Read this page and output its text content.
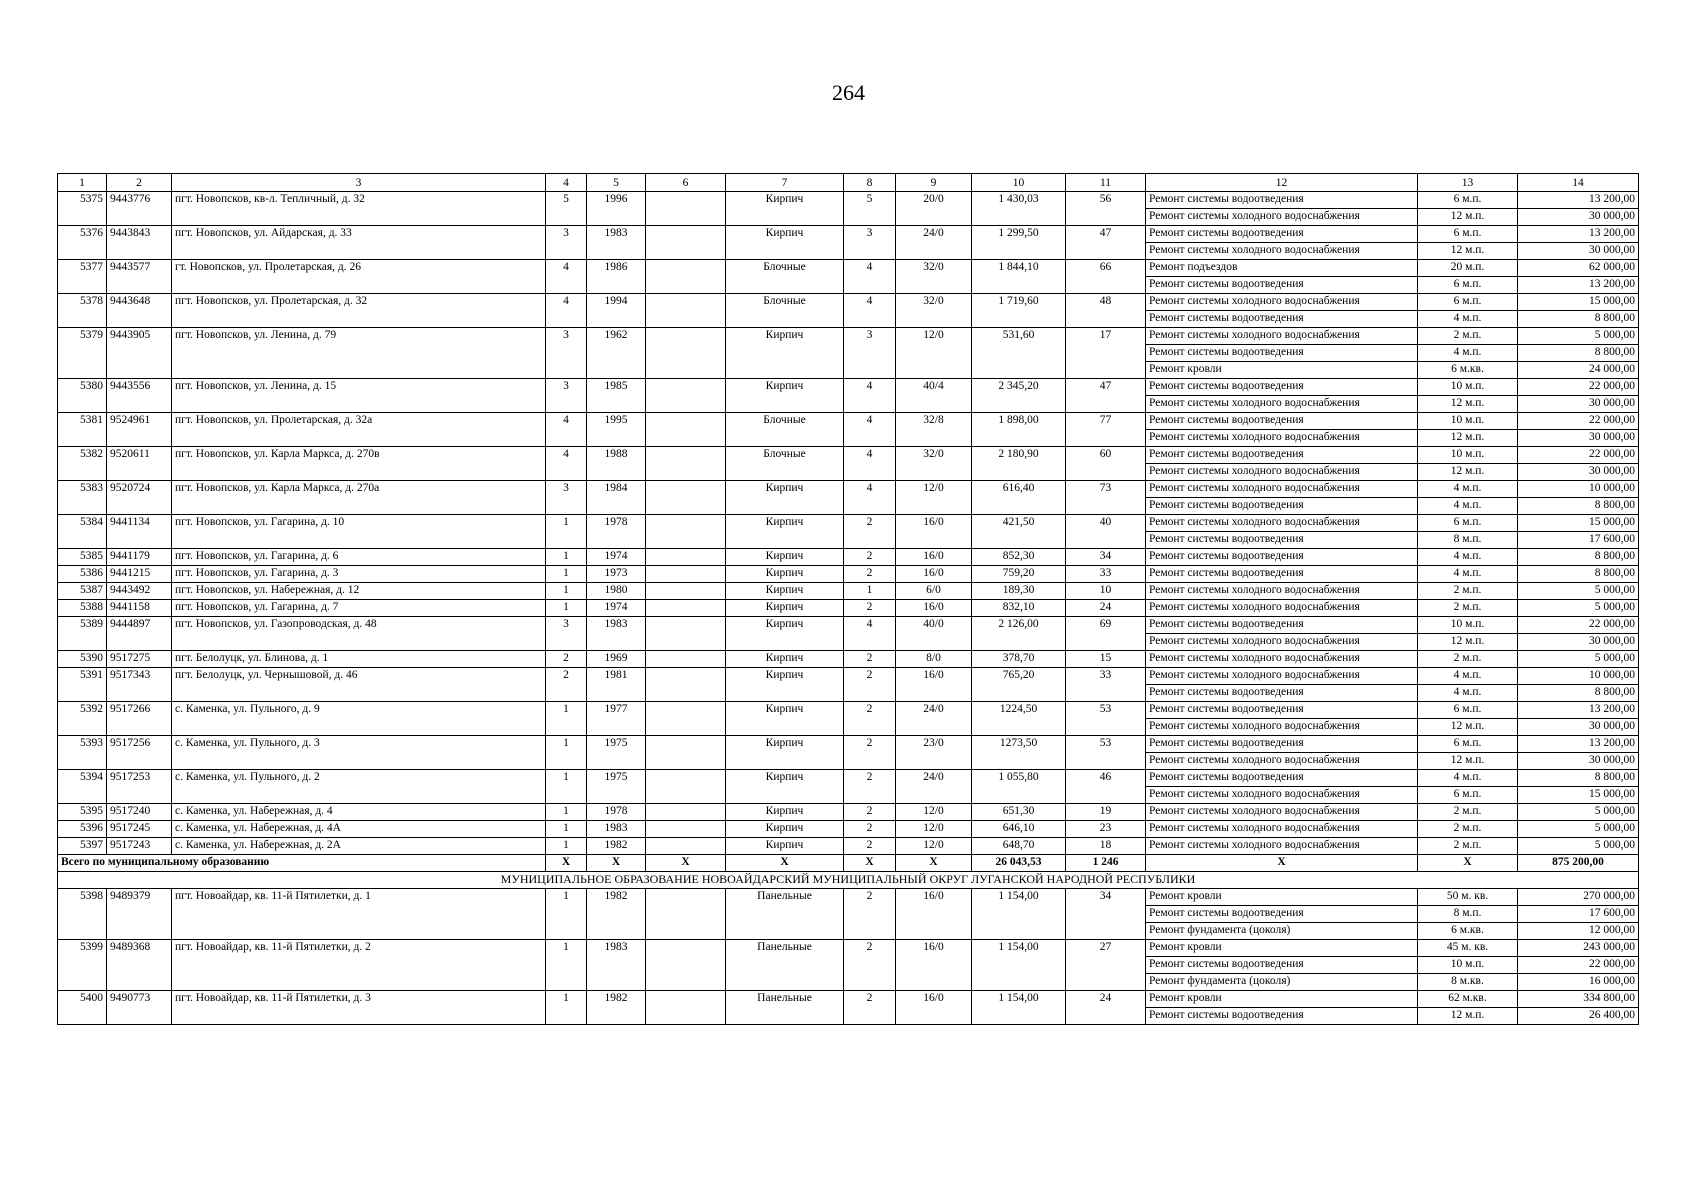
264
1	2	3	4	5	6	7	8	9	10	11	12	13	14
5375	9443776	пгт. Новопсков, кв-л. Тепличный, д. 32	5	1996		Кирпич	5	20/0	1 430,03	56	Ремонт системы водоотведения	6 м.п.	13 200,00
											Ремонт системы холодного водоснабжения	12 м.п.	30 000,00
5376	9443843	пгт. Новопсков, ул. Айдарская, д. 33	3	1983		Кирпич	3	24/0	1 299,50	47	Ремонт системы водоотведения	6 м.п.	13 200,00
											Ремонт системы холодного водоснабжения	12 м.п.	30 000,00
5377	9443577	гт. Новопсков, ул. Пролетарская, д. 26	4	1986		Блочные	4	32/0	1 844,10	66	Ремонт подъездов	20 м.п.	62 000,00
											Ремонт системы водоотведения	6 м.п.	13 200,00
5378	9443648	пгт. Новопсков, ул. Пролетарская, д. 32	4	1994		Блочные	4	32/0	1 719,60	48	Ремонт системы холодного водоснабжения	6 м.п.	15 000,00
											Ремонт системы водоотведения	4 м.п.	8 800,00
5379	9443905	пгт. Новопсков, ул. Ленина, д. 79	3	1962		Кирпич	3	12/0	531,60	17	Ремонт системы холодного водоснабжения	2 м.п.	5 000,00
											Ремонт системы водоотведения	4 м.п.	8 800,00
											Ремонт кровли	6 м.кв.	24 000,00
5380	9443556	пгт. Новопсков, ул. Ленина, д. 15	3	1985		Кирпич	4	40/4	2 345,20	47	Ремонт системы водоотведения	10 м.п.	22 000,00
											Ремонт системы холодного водоснабжения	12 м.п.	30 000,00
5381	9524961	пгт. Новопсков, ул. Пролетарская, д. 32а	4	1995		Блочные	4	32/8	1 898,00	77	Ремонт системы водоотведения	10 м.п.	22 000,00
											Ремонт системы холодного водоснабжения	12 м.п.	30 000,00
5382	9520611	пгт. Новопсков, ул. Карла Маркса, д. 270в	4	1988		Блочные	4	32/0	2 180,90	60	Ремонт системы водоотведения	10 м.п.	22 000,00
											Ремонт системы холодного водоснабжения	12 м.п.	30 000,00
5383	9520724	пгт. Новопсков, ул. Карла Маркса, д. 270а	3	1984		Кирпич	4	12/0	616,40	73	Ремонт системы холодного водоснабжения	4 м.п.	10 000,00
											Ремонт системы водоотведения	4 м.п.	8 800,00
5384	9441134	пгт. Новопсков, ул. Гагарина, д. 10	1	1978		Кирпич	2	16/0	421,50	40	Ремонт системы холодного водоснабжения	6 м.п.	15 000,00
											Ремонт системы водоотведения	8 м.п.	17 600,00
5385	9441179	пгт. Новопсков, ул. Гагарина, д. 6	1	1974		Кирпич	2	16/0	852,30	34	Ремонт системы водоотведения	4 м.п.	8 800,00
5386	9441215	пгт. Новопсков, ул. Гагарина, д. 3	1	1973		Кирпич	2	16/0	759,20	33	Ремонт системы водоотведения	4 м.п.	8 800,00
5387	9443492	пгт. Новопсков, ул. Набережная, д. 12	1	1980		Кирпич	1	6/0	189,30	10	Ремонт системы холодного водоснабжения	2 м.п.	5 000,00
5388	9441158	пгт. Новопсков, ул. Гагарина, д. 7	1	1974		Кирпич	2	16/0	832,10	24	Ремонт системы холодного водоснабжения	2 м.п.	5 000,00
5389	9444897	пгт. Новопсков, ул. Газопроводская, д. 48	3	1983		Кирпич	4	40/0	2 126,00	69	Ремонт системы водоотведения	10 м.п.	22 000,00
											Ремонт системы холодного водоснабжения	12 м.п.	30 000,00
5390	9517275	пгт. Белолуцк, ул. Блинова, д. 1	2	1969		Кирпич	2	8/0	378,70	15	Ремонт системы холодного водоснабжения	2 м.п.	5 000,00
5391	9517343	пгт. Белолуцк, ул. Чернышовой, д. 46	2	1981		Кирпич	2	16/0	765,20	33	Ремонт системы холодного водоснабжения	4 м.п.	10 000,00
											Ремонт системы водоотведения	4 м.п.	8 800,00
5392	9517266	с. Каменка, ул. Пульного, д. 9	1	1977		Кирпич	2	24/0	1224,50	53	Ремонт системы водоотведения	6 м.п.	13 200,00
											Ремонт системы холодного водоснабжения	12 м.п.	30 000,00
5393	9517256	с. Каменка, ул. Пульного, д. 3	1	1975		Кирпич	2	23/0	1273,50	53	Ремонт системы водоотведения	6 м.п.	13 200,00
											Ремонт системы холодного водоснабжения	12 м.п.	30 000,00
5394	9517253	с. Каменка, ул. Пульного, д. 2	1	1975		Кирпич	2	24/0	1 055,80	46	Ремонт системы водоотведения	4 м.п.	8 800,00
											Ремонт системы холодного водоснабжения	6 м.п.	15 000,00
5395	9517240	с. Каменка, ул. Набережная, д. 4	1	1978		Кирпич	2	12/0	651,30	19	Ремонт системы холодного водоснабжения	2 м.п.	5 000,00
5396	9517245	с. Каменка, ул. Набережная, д. 4А	1	1983		Кирпич	2	12/0	646,10	23	Ремонт системы холодного водоснабжения	2 м.п.	5 000,00
5397	9517243	с. Каменка, ул. Набережная, д. 2А	1	1982		Кирпич	2	12/0	648,70	18	Ремонт системы холодного водоснабжения	2 м.п.	5 000,00
Всего по муниципальному образованию			X	X	X	X	X	X	26 043,53	1 246	X	X	875 200,00
МУНИЦИПАЛЬНОЕ ОБРАЗОВАНИЕ НОВОАЙДАРСКИЙ МУНИЦИПАЛЬНЫЙ ОКРУГ ЛУГАНСКОЙ НАРОДНОЙ РЕСПУБЛИКИ													
5398	9489379	пгт. Новоайдар, кв. 11-й Пятилетки, д. 1	1	1982		Панельные	2	16/0	1 154,00	34	Ремонт кровли	50 м. кв.	270 000,00
											Ремонт системы водоотведения	8 м.п.	17 600,00
											Ремонт фундамента (цоколя)	6 м.кв.	12 000,00
5399	9489368	пгт. Новоайдар, кв. 11-й Пятилетки, д. 2	1	1983		Панельные	2	16/0	1 154,00	27	Ремонт кровли	45 м. кв.	243 000,00
											Ремонт системы водоотведения	10 м.п.	22 000,00
											Ремонт фундамента (цоколя)	8 м.кв.	16 000,00
5400	9490773	пгт. Новоайдар, кв. 11-й Пятилетки, д. 3	1	1982		Панельные	2	16/0	1 154,00	24	Ремонт кровли	62 м.кв.	334 800,00
											Ремонт системы водоотведения	12 м.п.	26 400,00
